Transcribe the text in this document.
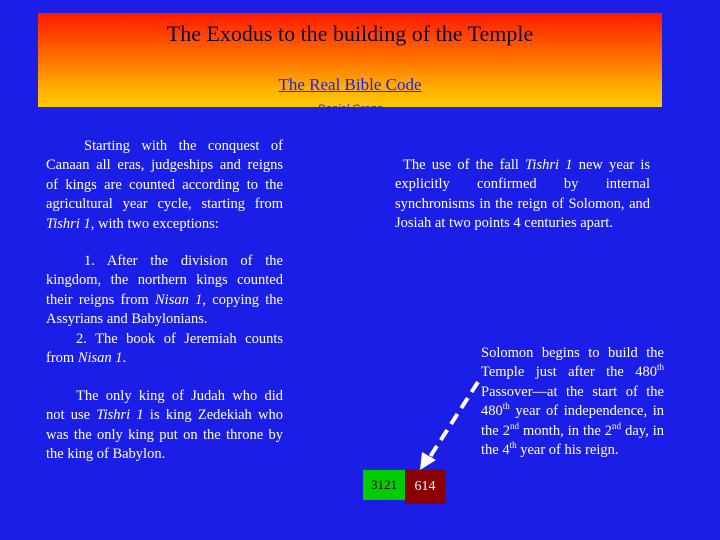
The Exodus to the building of the Temple
The Real Bible Code
Daniel Gregg

Starting with the conquest of Canaan all eras, judgeships and reigns of kings are counted according to the agricultural year cycle, starting from Tishri 1, with two exceptions:

1. After the division of the kingdom, the northern kings counted their reigns from Nisan 1, copying the Assyrians and Babylonians.

2. The book of Jeremiah counts from Nisan 1.

The only king of Judah who did not use Tishri 1 is king Zedekiah who was the only king put on the throne by the king of Babylon.

The use of the fall Tishri 1 new year is explicitly confirmed by internal synchronisms in the reign of Solomon, and Josiah at two points 4 centuries apart.

Solomon begins to build the Temple just after the 480th Passover—at the start of the 480th year of independence, in the 2nd month, in the 2nd day, in the 4th year of his reign.

3121	614
